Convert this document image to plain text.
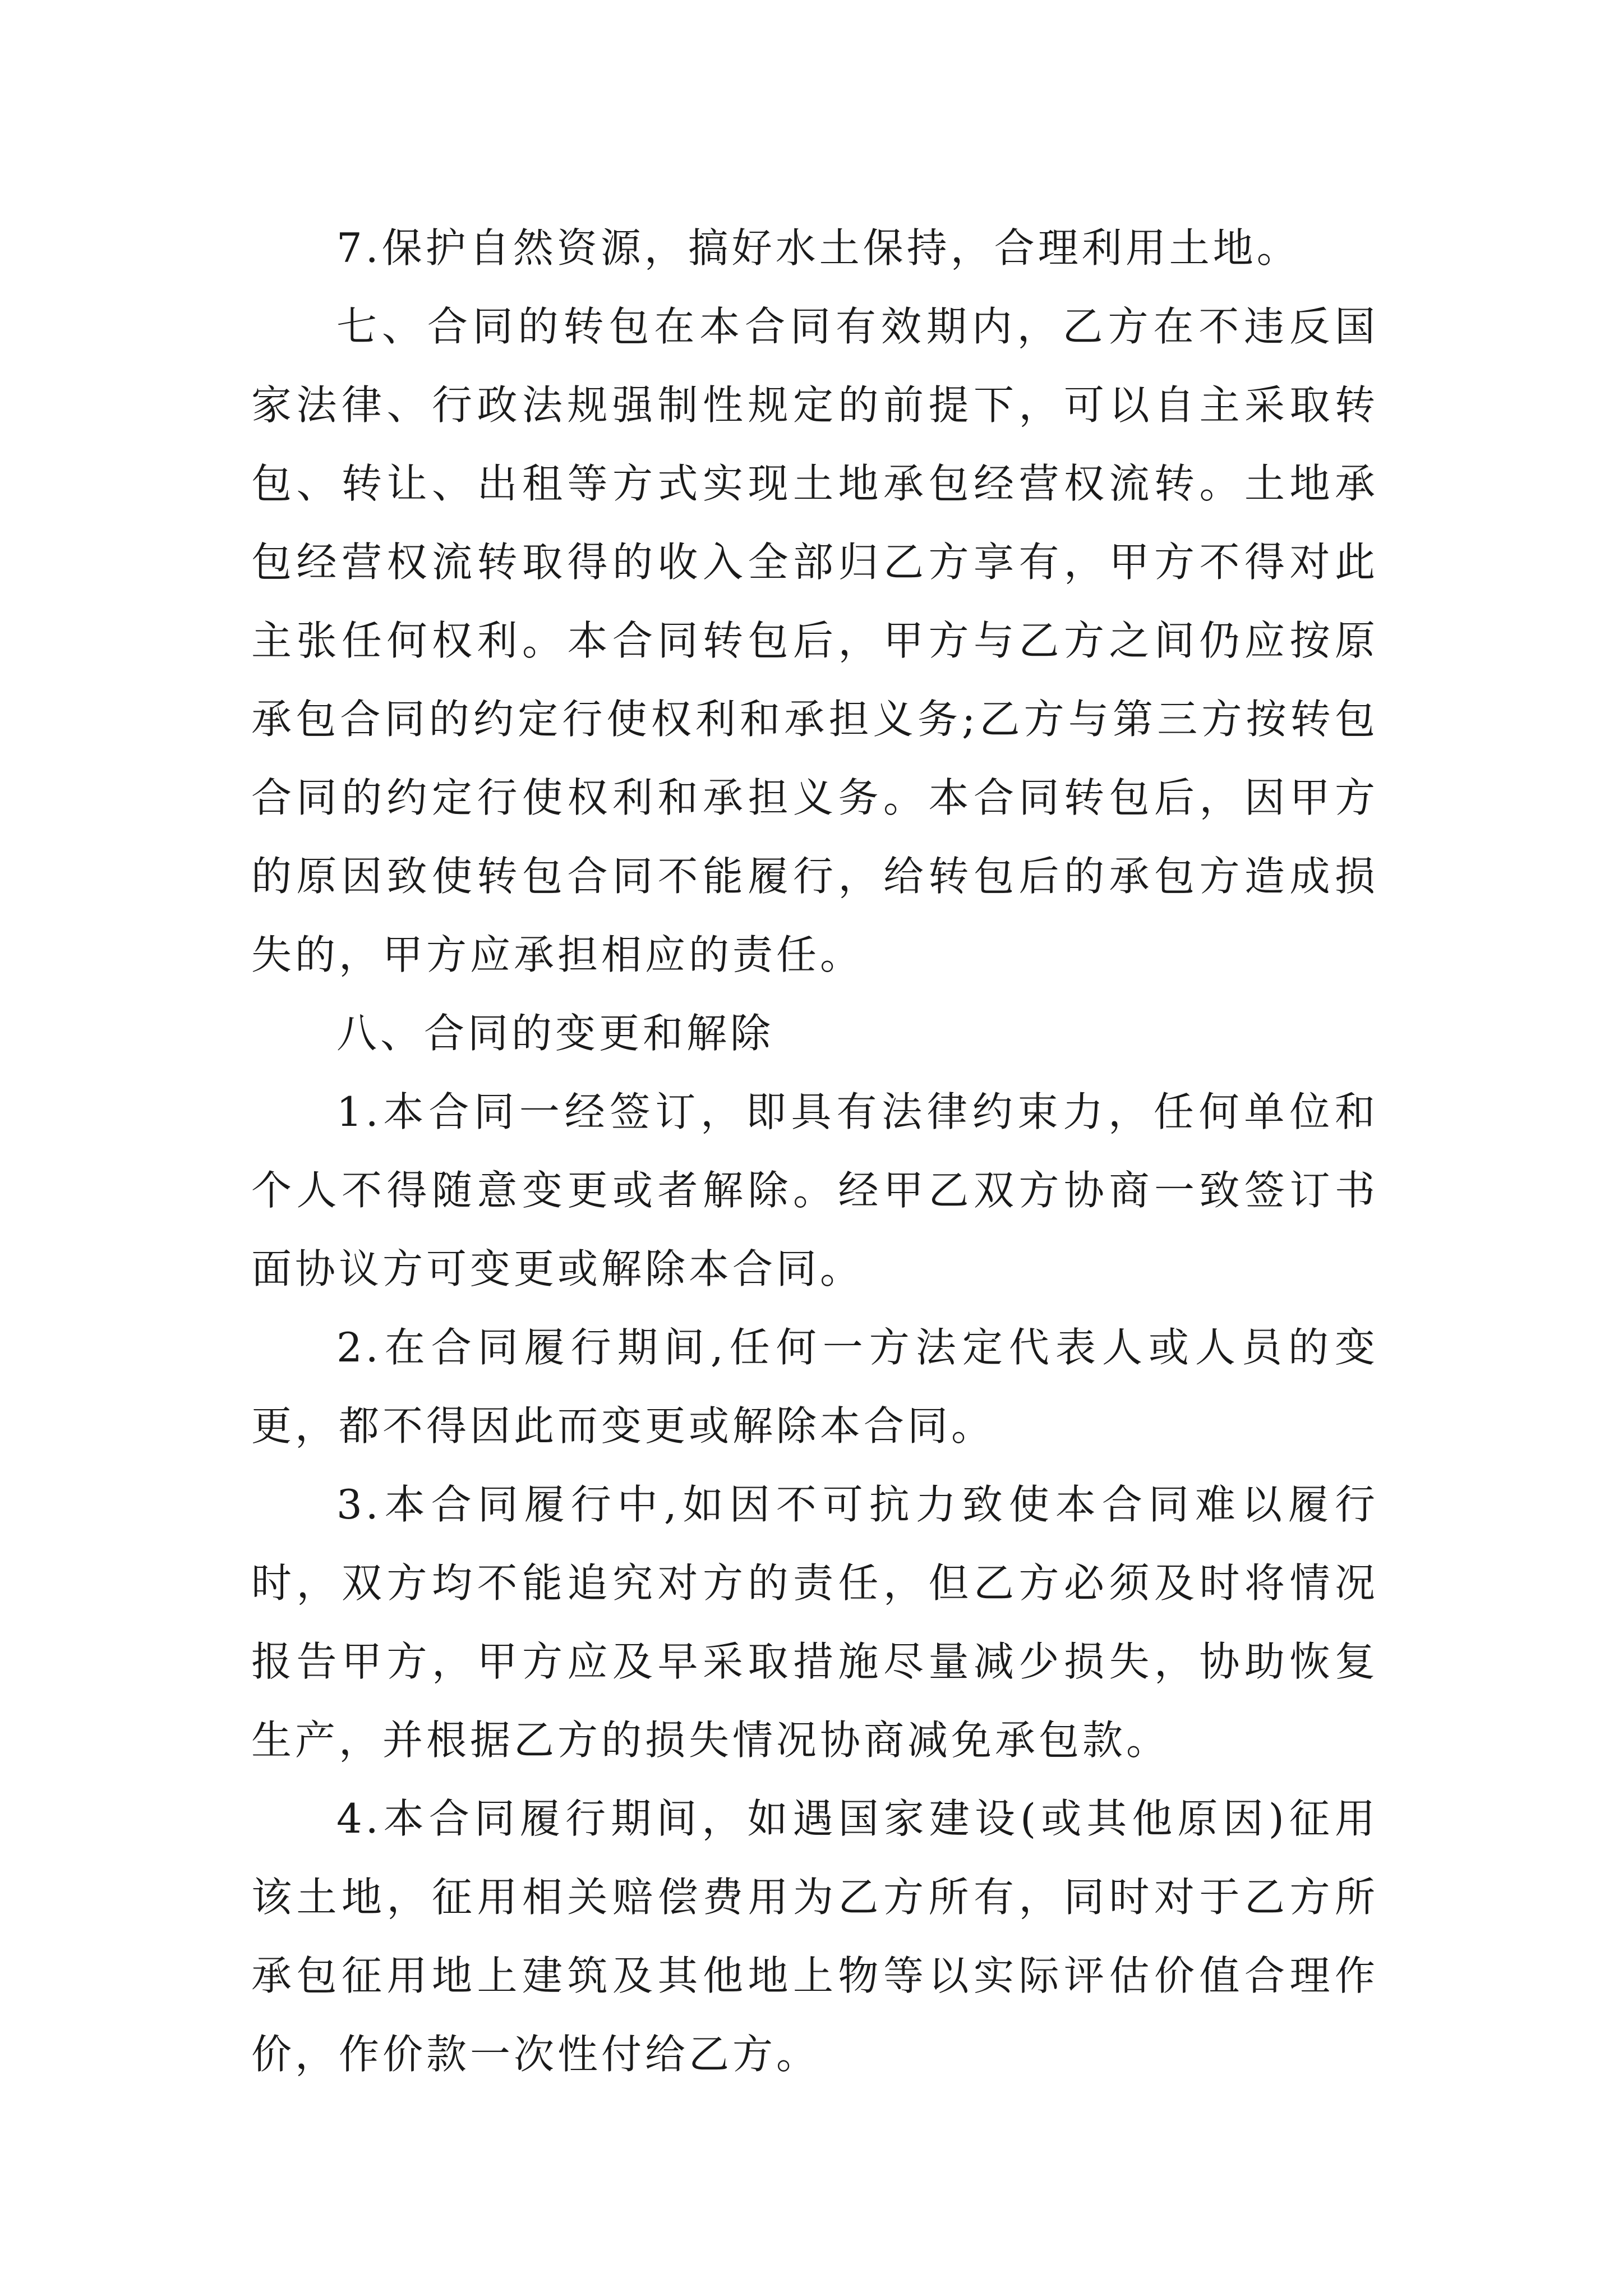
7.保护自然资源，搞好水土保持，合理利用土地。

七、合同的转包在本合同有效期内，乙方在不违反国家法律、行政法规强制性规定的前提下，可以自主采取转包、转让、出租等方式实现土地承包经营权流转。土地承包经营权流转取得的收入全部归乙方享有，甲方不得对此主张任何权利。本合同转包后，甲方与乙方之间仍应按原承包合同的约定行使权利和承担义务;乙方与第三方按转包合同的约定行使权利和承担义务。本合同转包后，因甲方的原因致使转包合同不能履行，给转包后的承包方造成损失的，甲方应承担相应的责任。

八、合同的变更和解除

1.本合同一经签订，即具有法律约束力，任何单位和个人不得随意变更或者解除。经甲乙双方协商一致签订书面协议方可变更或解除本合同。

2.在合同履行期间,任何一方法定代表人或人员的变更，都不得因此而变更或解除本合同。

3.本合同履行中,如因不可抗力致使本合同难以履行时，双方均不能追究对方的责任，但乙方必须及时将情况报告甲方，甲方应及早采取措施尽量减少损失，协助恢复生产，并根据乙方的损失情况协商减免承包款。

4.本合同履行期间，如遇国家建设(或其他原因)征用该土地，征用相关赔偿费用为乙方所有，同时对于乙方所承包征用地上建筑及其他地上物等以实际评估价值合理作价，作价款一次性付给乙方。
